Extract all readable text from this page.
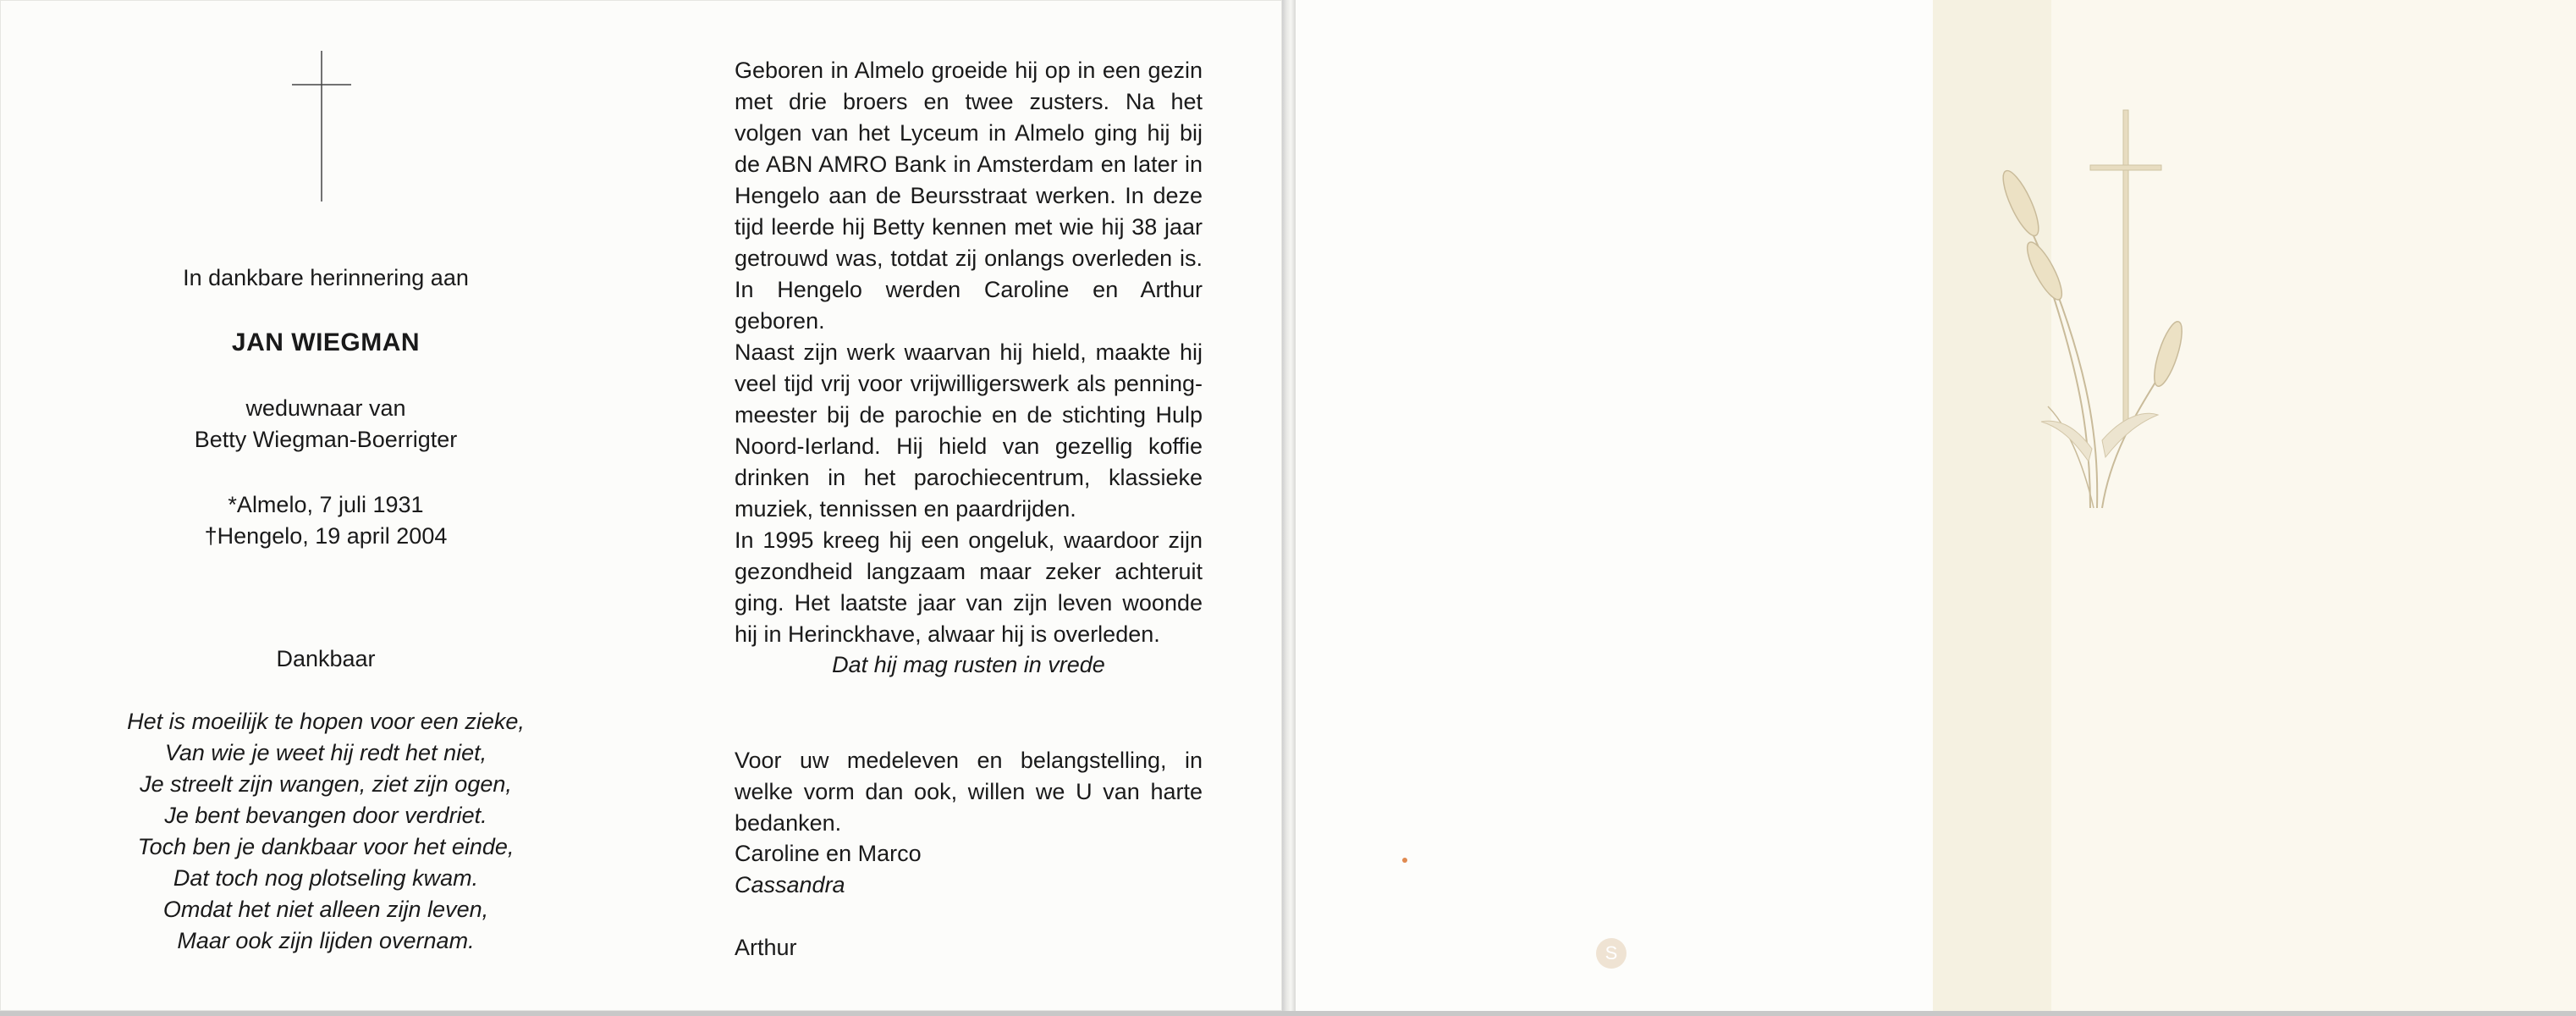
In dankbare herinnering aan
JAN WIEGMAN
weduwnaar van
Betty Wiegman-Boerrigter
*Almelo, 7 juli 1931
†Hengelo, 19 april 2004
Dankbaar
Het is moeilijk te hopen voor een zieke,
Van wie je weet hij redt het niet,
Je streelt zijn wangen, ziet zijn ogen,
Je bent bevangen door verdriet.
Toch ben je dankbaar voor het einde,
Dat toch nog plotseling kwam.
Omdat het niet alleen zijn leven,
Maar ook zijn lijden overnam.

Geboren in Almelo groeide hij op in een gezin met drie broers en twee zusters. Na het volgen van het Lyceum in Almelo ging hij bij de ABN AMRO Bank in Amsterdam en later in Hengelo aan de Beursstraat werken. In deze tijd leerde hij Betty kennen met wie hij 38 jaar getrouwd was, totdat zij onlangs overleden is. In Hengelo werden Caroline en Arthur geboren.

Naast zijn werk waarvan hij hield, maakte hij veel tijd vrij voor vrijwilligerswerk als penning-meester bij de parochie en de stichting Hulp Noord-Ierland. Hij hield van gezellig koffie drinken in het parochiecentrum, klassieke muziek, tennissen en paardrijden.

In 1995 kreeg hij een ongeluk, waardoor zijn gezondheid langzaam maar zeker achteruit ging. Het laatste jaar van zijn leven woonde hij in Herinckhave, alwaar hij is overleden.

Dat hij mag rusten in vrede
Voor uw medeleven en belangstelling, in welke vorm dan ook, willen we U van harte bedanken.
Caroline en Marco
Cassandra
Arthur	S
